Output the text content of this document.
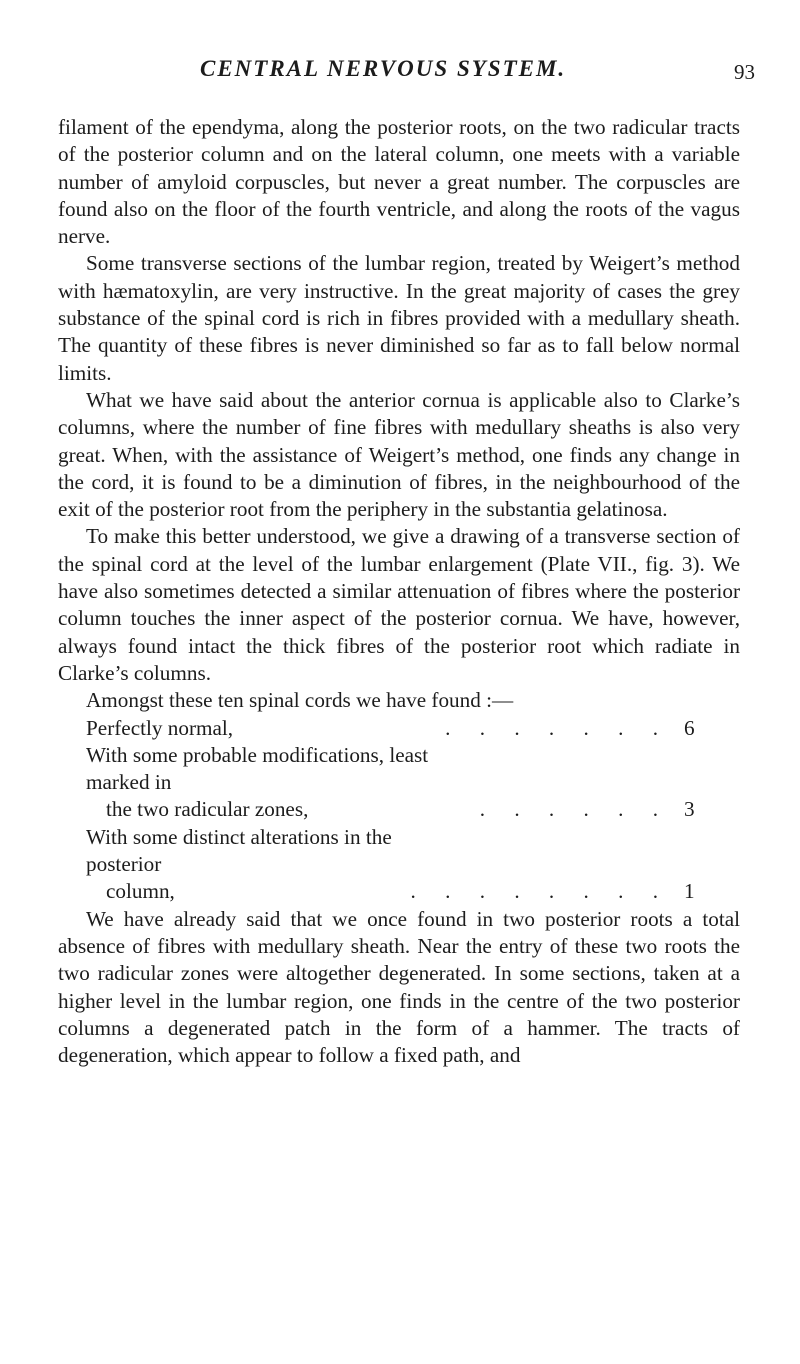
CENTRAL NERVOUS SYSTEM.	93

filament of the ependyma, along the posterior roots, on the two radicular tracts of the posterior column and on the lateral column, one meets with a variable number of amyloid corpuscles, but never a great number. The corpuscles are found also on the floor of the fourth ventricle, and along the roots of the vagus nerve.

Some transverse sections of the lumbar region, treated by Weigert’s method with hæmatoxylin, are very instructive. In the great majority of cases the grey substance of the spinal cord is rich in fibres provided with a medullary sheath. The quantity of these fibres is never diminished so far as to fall below normal limits.

What we have said about the anterior cornua is applicable also to Clarke’s columns, where the number of fine fibres with medullary sheaths is also very great. When, with the assistance of Weigert’s method, one finds any change in the cord, it is found to be a diminution of fibres, in the neighbourhood of the exit of the posterior root from the periphery in the substantia gelatinosa.

To make this better understood, we give a drawing of a transverse section of the spinal cord at the level of the lumbar enlargement (Plate VII., fig. 3). We have also sometimes detected a similar attenuation of fibres where the posterior column touches the inner aspect of the posterior cornua. We have, however, always found intact the thick fibres of the posterior root which radiate in Clarke’s columns.

Amongst these ten spinal cords we have found :—

Perfectly normal,	. . . . . . . 6
With some probable modifications, least marked in
the two radicular zones,	. . . . . . 3
With some distinct alterations in the posterior
column,	. . . . . . . . 1

We have already said that we once found in two posterior roots a total absence of fibres with medullary sheath. Near the entry of these two roots the two radicular zones were altogether degenerated. In some sections, taken at a higher level in the lumbar region, one finds in the centre of the two posterior columns a degenerated patch in the form of a hammer. The tracts of degeneration, which appear to follow a fixed path, and
